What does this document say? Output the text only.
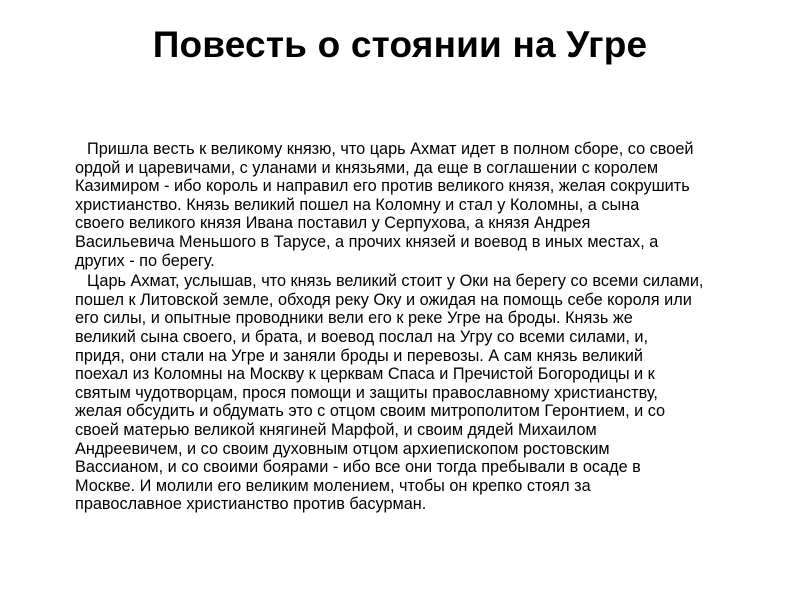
Повесть о стоянии на Угре

Пришла весть к великому князю, что царь Ахмат идет в полном сборе, со своей
ордой и царевичами, с уланами и князьями, да еще в соглашении с королем
Казимиром - ибо король и направил его против великого князя, желая сокрушить
христианство. Князь великий пошел на Коломну и стал у Коломны, а сына
своего великого князя Ивана поставил у Серпухова, а князя Андрея
Васильевича Меньшого в Тарусе, а прочих князей и воевод в иных местах, а
других - по берегу.

Царь Ахмат, услышав, что князь великий стоит у Оки на берегу со всеми силами,
пошел к Литовской земле, обходя реку Оку и ожидая на помощь себе короля или
его силы, и опытные проводники вели его к реке Угре на броды. Князь же
великий сына своего, и брата, и воевод послал на Угру со всеми силами, и,
придя, они стали на Угре и заняли броды и перевозы. А сам князь великий
поехал из Коломны на Москву к церквам Спаса и Пречистой Богородицы и к
святым чудотворцам, прося помощи и защиты православному христианству,
желая обсудить и обдумать это с отцом своим митрополитом Геронтием, и со
своей матерью великой княгиней Марфой, и своим дядей Михаилом
Андреевичем, и со своим духовным отцом архиепископом ростовским
Вассианом, и со своими боярами - ибо все они тогда пребывали в осаде в
Москве. И молили его великим молением, чтобы он крепко стоял за
православное христианство против басурман.
